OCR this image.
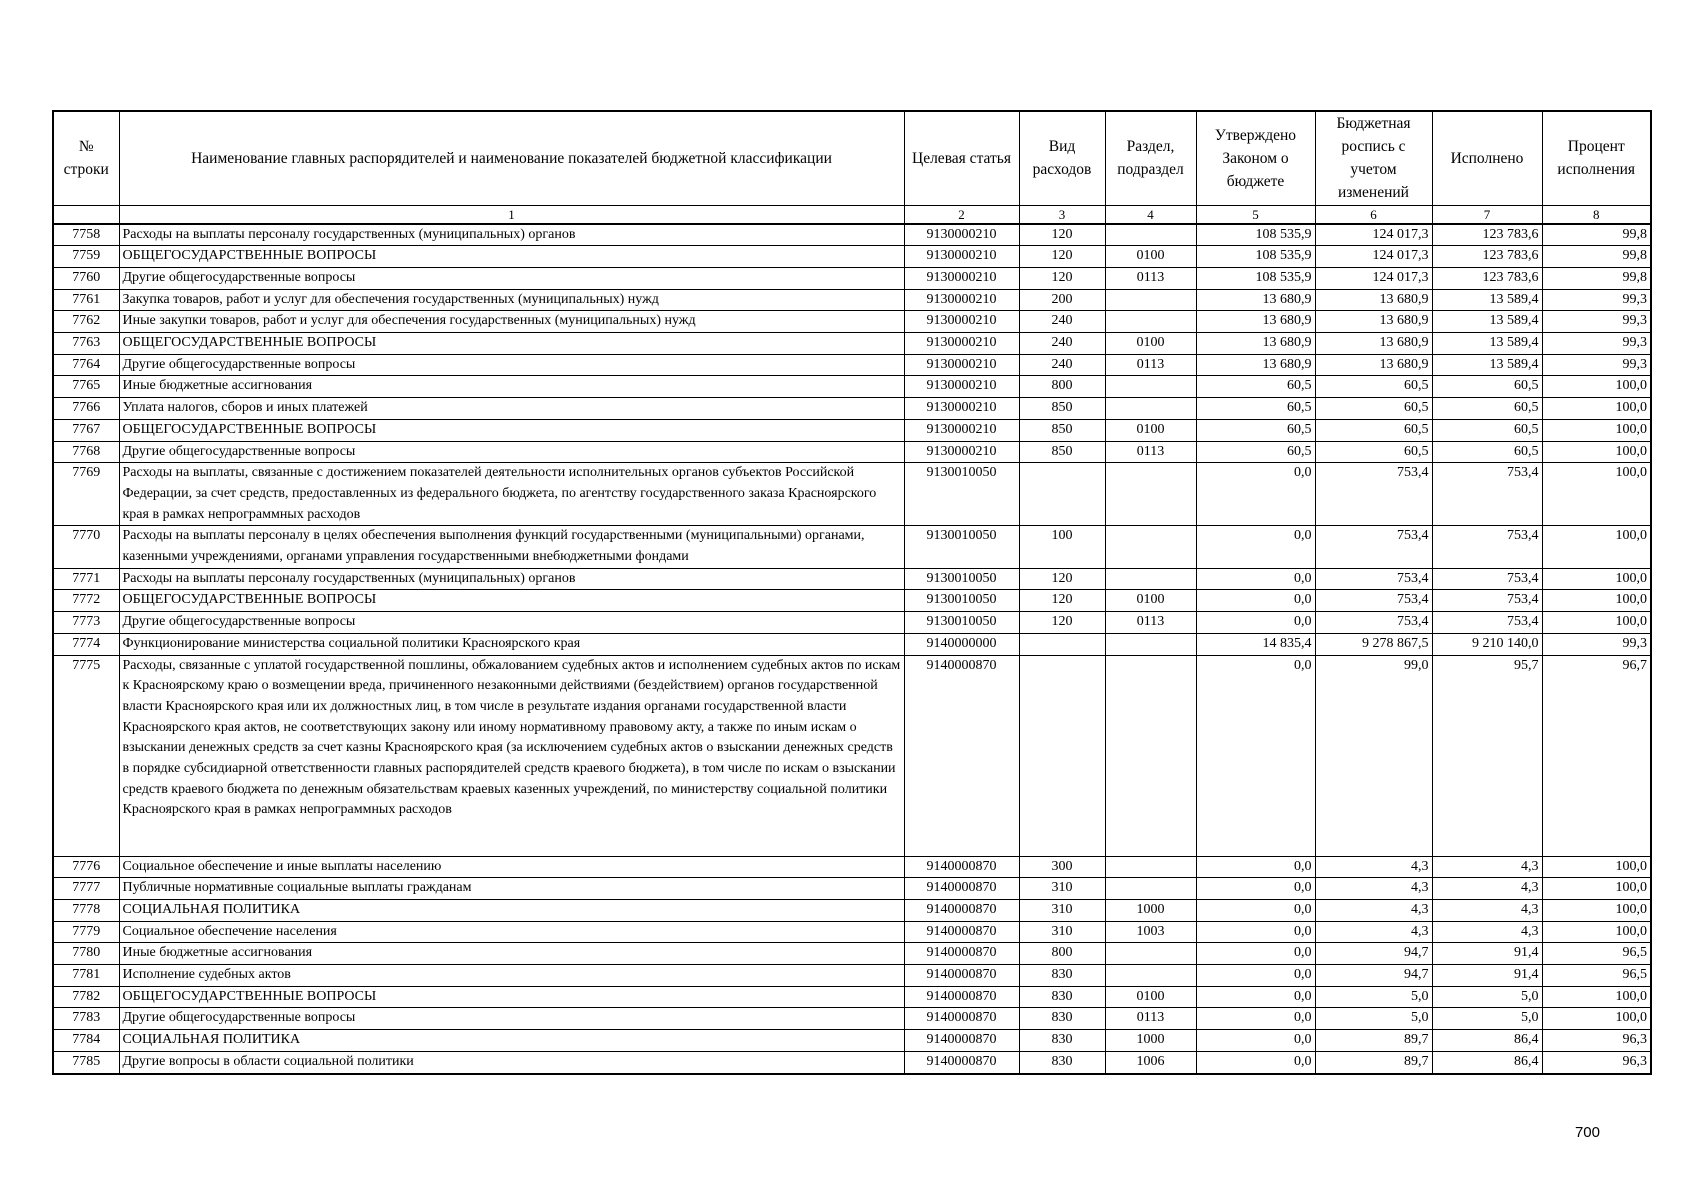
№ строки	Наименование главных распорядителей и наименование показателей бюджетной классификации	Целевая статья	Вид расходов	Раздел, подраздел	Утверждено Законом о бюджете	Бюджетная роспись с учетом изменений	Исполнено	Процент исполнения
	1	2	3	4	5	6	7	8
7758	Расходы на выплаты персоналу государственных (муниципальных) органов	9130000210	120		108 535,9	124 017,3	123 783,6	99,8
7759	ОБЩЕГОСУДАРСТВЕННЫЕ ВОПРОСЫ	9130000210	120	0100	108 535,9	124 017,3	123 783,6	99,8
7760	Другие общегосударственные вопросы	9130000210	120	0113	108 535,9	124 017,3	123 783,6	99,8
7761	Закупка товаров, работ и услуг для обеспечения государственных (муниципальных) нужд	9130000210	200		13 680,9	13 680,9	13 589,4	99,3
7762	Иные закупки товаров, работ и услуг для обеспечения государственных (муниципальных) нужд	9130000210	240		13 680,9	13 680,9	13 589,4	99,3
7763	ОБЩЕГОСУДАРСТВЕННЫЕ ВОПРОСЫ	9130000210	240	0100	13 680,9	13 680,9	13 589,4	99,3
7764	Другие общегосударственные вопросы	9130000210	240	0113	13 680,9	13 680,9	13 589,4	99,3
7765	Иные бюджетные ассигнования	9130000210	800		60,5	60,5	60,5	100,0
7766	Уплата налогов, сборов и иных платежей	9130000210	850		60,5	60,5	60,5	100,0
7767	ОБЩЕГОСУДАРСТВЕННЫЕ ВОПРОСЫ	9130000210	850	0100	60,5	60,5	60,5	100,0
7768	Другие общегосударственные вопросы	9130000210	850	0113	60,5	60,5	60,5	100,0
7769	Расходы на выплаты, связанные с достижением показателей деятельности исполнительных органов субъектов Российской Федерации, за счет средств, предоставленных из федерального бюджета, по агентству государственного заказа Красноярского края в рамках непрограммных расходов	9130010050			0,0	753,4	753,4	100,0
7770	Расходы на выплаты персоналу в целях обеспечения выполнения функций государственными (муниципальными) органами, казенными учреждениями, органами управления государственными внебюджетными фондами	9130010050	100		0,0	753,4	753,4	100,0
7771	Расходы на выплаты персоналу государственных (муниципальных) органов	9130010050	120		0,0	753,4	753,4	100,0
7772	ОБЩЕГОСУДАРСТВЕННЫЕ ВОПРОСЫ	9130010050	120	0100	0,0	753,4	753,4	100,0
7773	Другие общегосударственные вопросы	9130010050	120	0113	0,0	753,4	753,4	100,0
7774	Функционирование министерства социальной политики Красноярского края	9140000000			14 835,4	9 278 867,5	9 210 140,0	99,3
7775	Расходы, связанные с уплатой государственной пошлины, обжалованием судебных актов и исполнением судебных актов по искам к Красноярскому краю о возмещении вреда, причиненного незаконными действиями (бездействием) органов государственной власти Красноярского края или их должностных лиц, в том числе в результате издания органами государственной власти Красноярского края актов, не соответствующих закону или иному нормативному правовому акту, а также по иным искам о взыскании денежных средств за счет казны Красноярского края (за исключением судебных актов о взыскании денежных средств в порядке субсидиарной ответственности главных распорядителей средств краевого бюджета), в том числе по искам о взыскании средств краевого бюджета по денежным обязательствам краевых казенных учреждений, по министерству социальной политики Красноярского края в рамках непрограммных расходов	9140000870			0,0	99,0	95,7	96,7
7776	Социальное обеспечение и иные выплаты населению	9140000870	300		0,0	4,3	4,3	100,0
7777	Публичные нормативные социальные выплаты гражданам	9140000870	310		0,0	4,3	4,3	100,0
7778	СОЦИАЛЬНАЯ ПОЛИТИКА	9140000870	310	1000	0,0	4,3	4,3	100,0
7779	Социальное обеспечение населения	9140000870	310	1003	0,0	4,3	4,3	100,0
7780	Иные бюджетные ассигнования	9140000870	800		0,0	94,7	91,4	96,5
7781	Исполнение судебных актов	9140000870	830		0,0	94,7	91,4	96,5
7782	ОБЩЕГОСУДАРСТВЕННЫЕ ВОПРОСЫ	9140000870	830	0100	0,0	5,0	5,0	100,0
7783	Другие общегосударственные вопросы	9140000870	830	0113	0,0	5,0	5,0	100,0
7784	СОЦИАЛЬНАЯ ПОЛИТИКА	9140000870	830	1000	0,0	89,7	86,4	96,3
7785	Другие вопросы в области социальной политики	9140000870	830	1006	0,0	89,7	86,4	96,3
700
